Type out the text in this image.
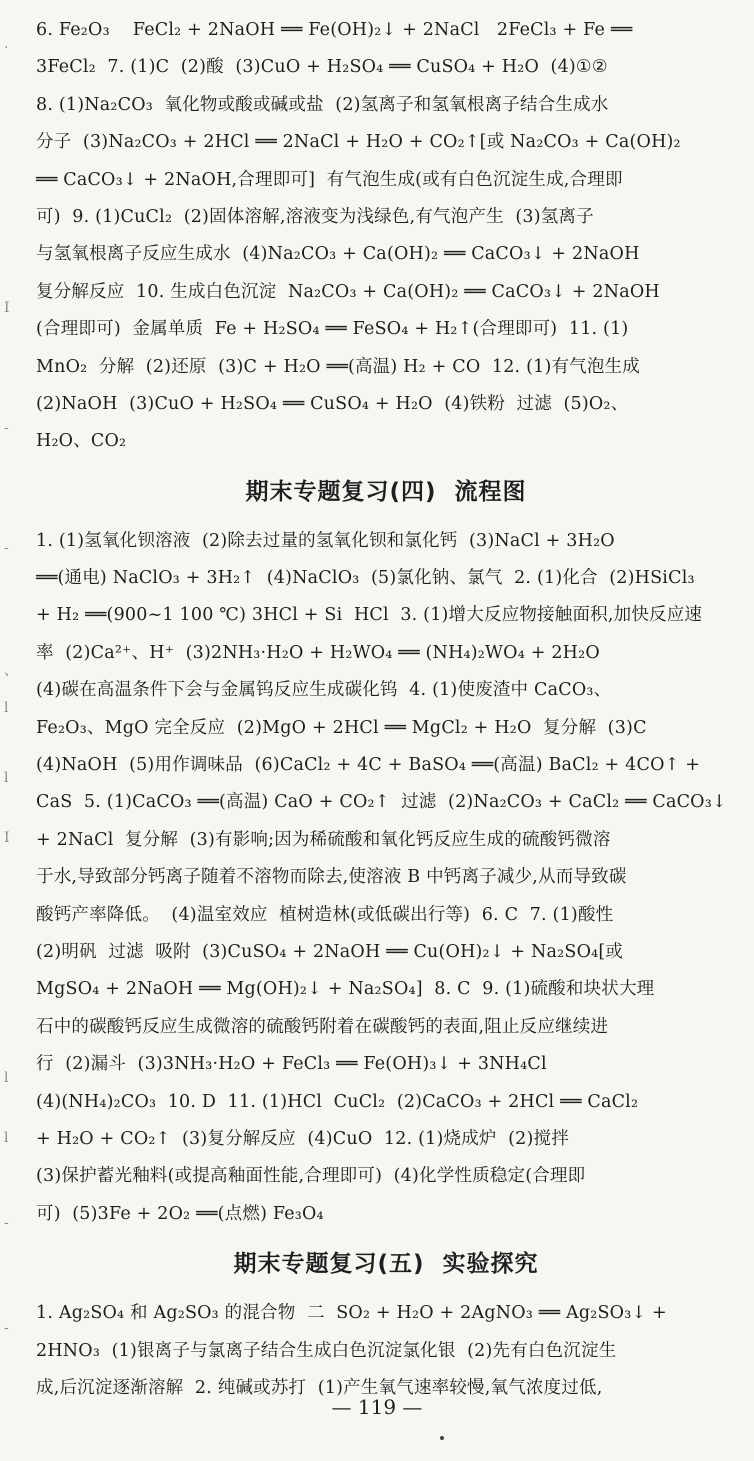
·
I
-
-
、
l
l
I
l
l
-
-
6. Fe₂O₃    FeCl₂ + 2NaOH ══ Fe(OH)₂↓ + 2NaCl   2FeCl₃ + Fe ══
3FeCl₂  7. (1)C  (2)酸  (3)CuO + H₂SO₄ ══ CuSO₄ + H₂O  (4)①②
8. (1)Na₂CO₃  氧化物或酸或碱或盐  (2)氢离子和氢氧根离子结合生成水
分子  (3)Na₂CO₃ + 2HCl ══ 2NaCl + H₂O + CO₂↑[或 Na₂CO₃ + Ca(OH)₂
══ CaCO₃↓ + 2NaOH,合理即可]  有气泡生成(或有白色沉淀生成,合理即
可)  9. (1)CuCl₂  (2)固体溶解,溶液变为浅绿色,有气泡产生  (3)氢离子
与氢氧根离子反应生成水  (4)Na₂CO₃ + Ca(OH)₂ ══ CaCO₃↓ + 2NaOH
复分解反应  10. 生成白色沉淀  Na₂CO₃ + Ca(OH)₂ ══ CaCO₃↓ + 2NaOH
(合理即可)  金属单质  Fe + H₂SO₄ ══ FeSO₄ + H₂↑(合理即可)  11. (1)
MnO₂  分解  (2)还原  (3)C + H₂O ══(高温) H₂ + CO  12. (1)有气泡生成
(2)NaOH  (3)CuO + H₂SO₄ ══ CuSO₄ + H₂O  (4)铁粉  过滤  (5)O₂、
H₂O、CO₂
期末专题复习(四)  流程图
1. (1)氢氧化钡溶液  (2)除去过量的氢氧化钡和氯化钙  (3)NaCl + 3H₂O
══(通电) NaClO₃ + 3H₂↑  (4)NaClO₃  (5)氯化钠、氯气  2. (1)化合  (2)HSiCl₃
+ H₂ ══(900~1 100 ℃) 3HCl + Si  HCl  3. (1)增大反应物接触面积,加快反应速
率  (2)Ca²⁺、H⁺  (3)2NH₃·H₂O + H₂WO₄ ══ (NH₄)₂WO₄ + 2H₂O
(4)碳在高温条件下会与金属钨反应生成碳化钨  4. (1)使废渣中 CaCO₃、
Fe₂O₃、MgO 完全反应  (2)MgO + 2HCl ══ MgCl₂ + H₂O  复分解  (3)C
(4)NaOH  (5)用作调味品  (6)CaCl₂ + 4C + BaSO₄ ══(高温) BaCl₂ + 4CO↑ +
CaS  5. (1)CaCO₃ ══(高温) CaO + CO₂↑  过滤  (2)Na₂CO₃ + CaCl₂ ══ CaCO₃↓
+ 2NaCl  复分解  (3)有影响;因为稀硫酸和氧化钙反应生成的硫酸钙微溶
于水,导致部分钙离子随着不溶物而除去,使溶液 B 中钙离子减少,从而导致碳
酸钙产率降低。  (4)温室效应  植树造林(或低碳出行等)  6. C  7. (1)酸性
(2)明矾  过滤  吸附  (3)CuSO₄ + 2NaOH ══ Cu(OH)₂↓ + Na₂SO₄[或
MgSO₄ + 2NaOH ══ Mg(OH)₂↓ + Na₂SO₄]  8. C  9. (1)硫酸和块状大理
石中的碳酸钙反应生成微溶的硫酸钙附着在碳酸钙的表面,阻止反应继续进
行  (2)漏斗  (3)3NH₃·H₂O + FeCl₃ ══ Fe(OH)₃↓ + 3NH₄Cl
(4)(NH₄)₂CO₃  10. D  11. (1)HCl  CuCl₂  (2)CaCO₃ + 2HCl ══ CaCl₂
+ H₂O + CO₂↑  (3)复分解反应  (4)CuO  12. (1)烧成炉  (2)搅拌
(3)保护蓄光釉料(或提高釉面性能,合理即可)  (4)化学性质稳定(合理即
可)  (5)3Fe + 2O₂ ══(点燃) Fe₃O₄
期末专题复习(五)  实验探究
1. Ag₂SO₄ 和 Ag₂SO₃ 的混合物  二  SO₂ + H₂O + 2AgNO₃ ══ Ag₂SO₃↓ +
2HNO₃  (1)银离子与氯离子结合生成白色沉淀氯化银  (2)先有白色沉淀生
成,后沉淀逐渐溶解  2. 纯碱或苏打  (1)产生氧气速率较慢,氧气浓度过低,
— 119 —
